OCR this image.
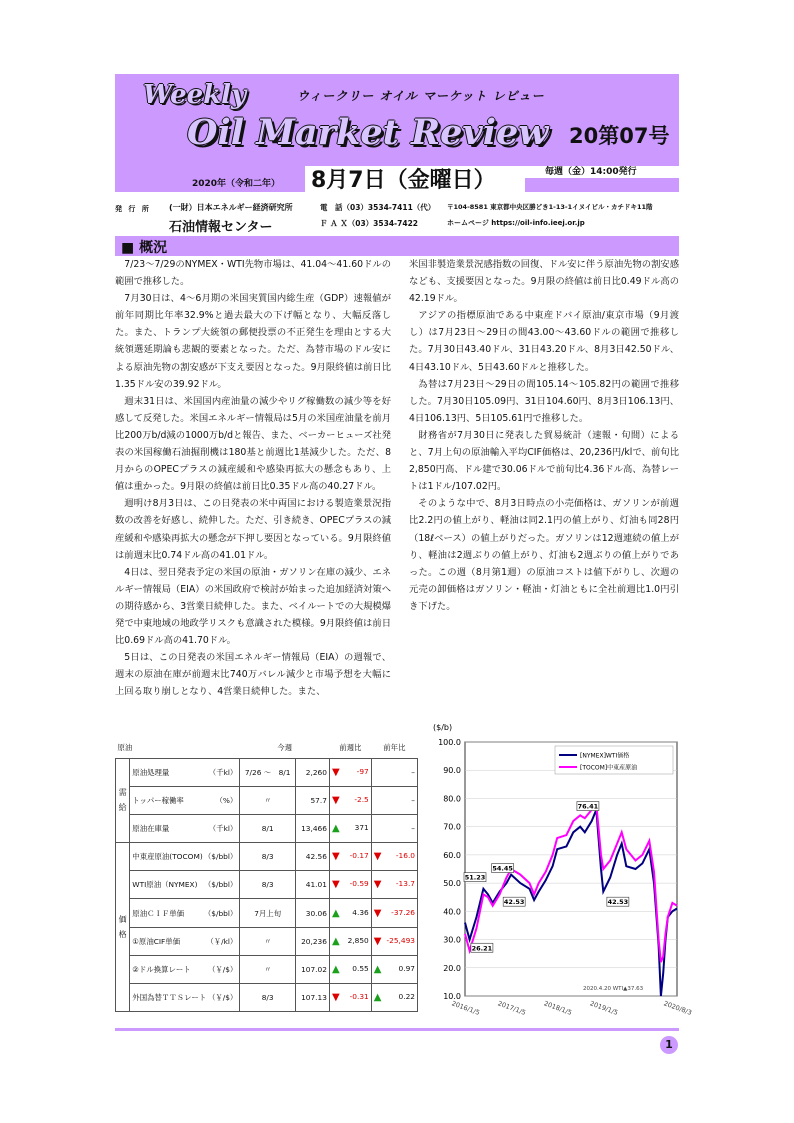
Weekly	ウィークリー オイル マーケット レビュー
Oil Market Review 20第07号
2020年（令和二年） 8月7日（金曜日）	毎週（金）14:00発行
発 行 所 (一財）日本エネルギー経済研究所
石油情報センター
電　話（03）3534-7411（代）
Ｆ Ａ Ｘ（03）3534-7422
〒104-8581 東京都中央区勝どき1-13-1イヌイビル・カチドキ11階
ホームページ https://oil-info.ieej.or.jp
■ 概況

7/23～7/29のNYMEX・WTI先物市場は、41.04～41.60ドルの範囲で推移した。

7月30日は、4～6月期の米国実質国内総生産（GDP）速報値が前年同期比年率32.9%と過去最大の下げ幅となり、大幅反落した。また、トランプ大統領の郵便投票の不正発生を理由とする大統領選延期論も悲観的要素となった。ただ、為替市場のドル安による原油先物の割安感が下支え要因となった。9月限終値は前日比1.35ドル安の39.92ドル。

週末31日は、米国国内産油量の減少やリグ稼働数の減少等を好感して反発した。米国エネルギー情報局は5月の米国産油量を前月比200万b/d減の1000万b/dと報告、また、ベーカーヒューズ社発表の米国稼働石油掘削機は180基と前週比1基減少した。ただ、8月からのOPECプラスの減産緩和や感染再拡大の懸念もあり、上値は重かった。9月限の終値は前日比0.35ドル高の40.27ドル。

週明け8月3日は、この日発表の米中両国における製造業景況指数の改善を好感し、続伸した。ただ、引き続き、OPECプラスの減産緩和や感染再拡大の懸念が下押し要因となっている。9月限終値は前週末比0.74ドル高の41.01ドル。

4日は、翌日発表予定の米国の原油・ガソリン在庫の減少、エネルギー情報局（EIA）の米国政府で検討が始まった追加経済対策への期待感から、3営業日続伸した。また、ベイルートでの大規模爆発で中東地域の地政学リスクも意識された模様。9月限終値は前日比0.69ドル高の41.70ドル。

5日は、この日発表の米国エネルギー情報局（EIA）の週報で、週末の原油在庫が前週末比740万バレル減少と市場予想を大幅に上回る取り崩しとなり、4営業日続伸した。また、

米国非製造業景況感指数の回復、ドル安に伴う原油先物の割安感なども、支援要因となった。9月限の終値は前日比0.49ドル高の42.19ドル。

アジアの指標原油である中東産ドバイ原油/東京市場（9月渡し）は7月23日～29日の間43.00～43.60ドルの範囲で推移した。7月30日43.40ドル、31日43.20ドル、8月3日42.50ドル、4日43.10ドル、5日43.60ドルと推移した。

為替は7月23日～29日の間105.14～105.82円の範囲で推移した。7月30日105.09円、31日104.60円、8月3日106.13円、4日106.13円、5日105.61円で推移した。

財務省が7月30日に発表した貿易統計（速報・旬間）によると、7月上旬の原油輸入平均CIF価格は、20,236円/klで、前旬比2,850円高、ドル建で30.06ドルで前旬比4.36ドル高、為替レートは1ドル/107.02円。

そのような中で、8月3日時点の小売価格は、ガソリンが前週比2.2円の値上がり、軽油は同2.1円の値上がり、灯油も同28円（18ℓベース）の値上がりだった。ガソリンは12週連続の値上がり、軽油は2週ぶりの値上がり、灯油も2週ぶりの値上がりであった。この週（8月第1週）の原油コストは値下がりし、次週の元売の卸価格はガソリン・軽油・灯油ともに全社前週比1.0円引き下げた。

原油		今週		前週比	前年比
需給	原油処理量 （千kl）	7/26 ～　8/1	2,260	▼ -97	–
	トッパー稼働率 （%）	〃	57.7	▼ -2.5	–
	原油在庫量 （千kl）	8/1	13,466	▲ 371	–
価格	中東産原油(TOCOM) （$/bbl）	8/3	42.56	▼ -0.17	▼ -16.0
	WTI原油（NYMEX) （$/bbl）	8/3	41.01	▼ -0.59	▼ -13.7
	原油ＣＩＦ単価 （$/bbl）	7月上旬	30.06	▲ 4.36	▼ -37.26
	①原油CIF単価 （￥/kl）	〃	20,236	▲ 2,850	▼ -25,493
	②ドル換算レート （￥/$）	〃	107.02	▲ 0.55	▲ 0.97
	外国為替ＴＴＳレート （￥/$）	8/3	107.13	▼ -0.31	▲ 0.22
($/b)
100.0
90.0
80.0
70.0
60.0
50.0
40.0
30.0
20.0
10.0
2016/1/5 2017/1/5 2018/1/5 2019/1/5	2020/8/3
[NYMEX]WTI価格
[TOCOM]中東産原油
51.23
54.45
42.53
76.41
42.53
26.21
2020.4.20 WTI▲37.63
1
